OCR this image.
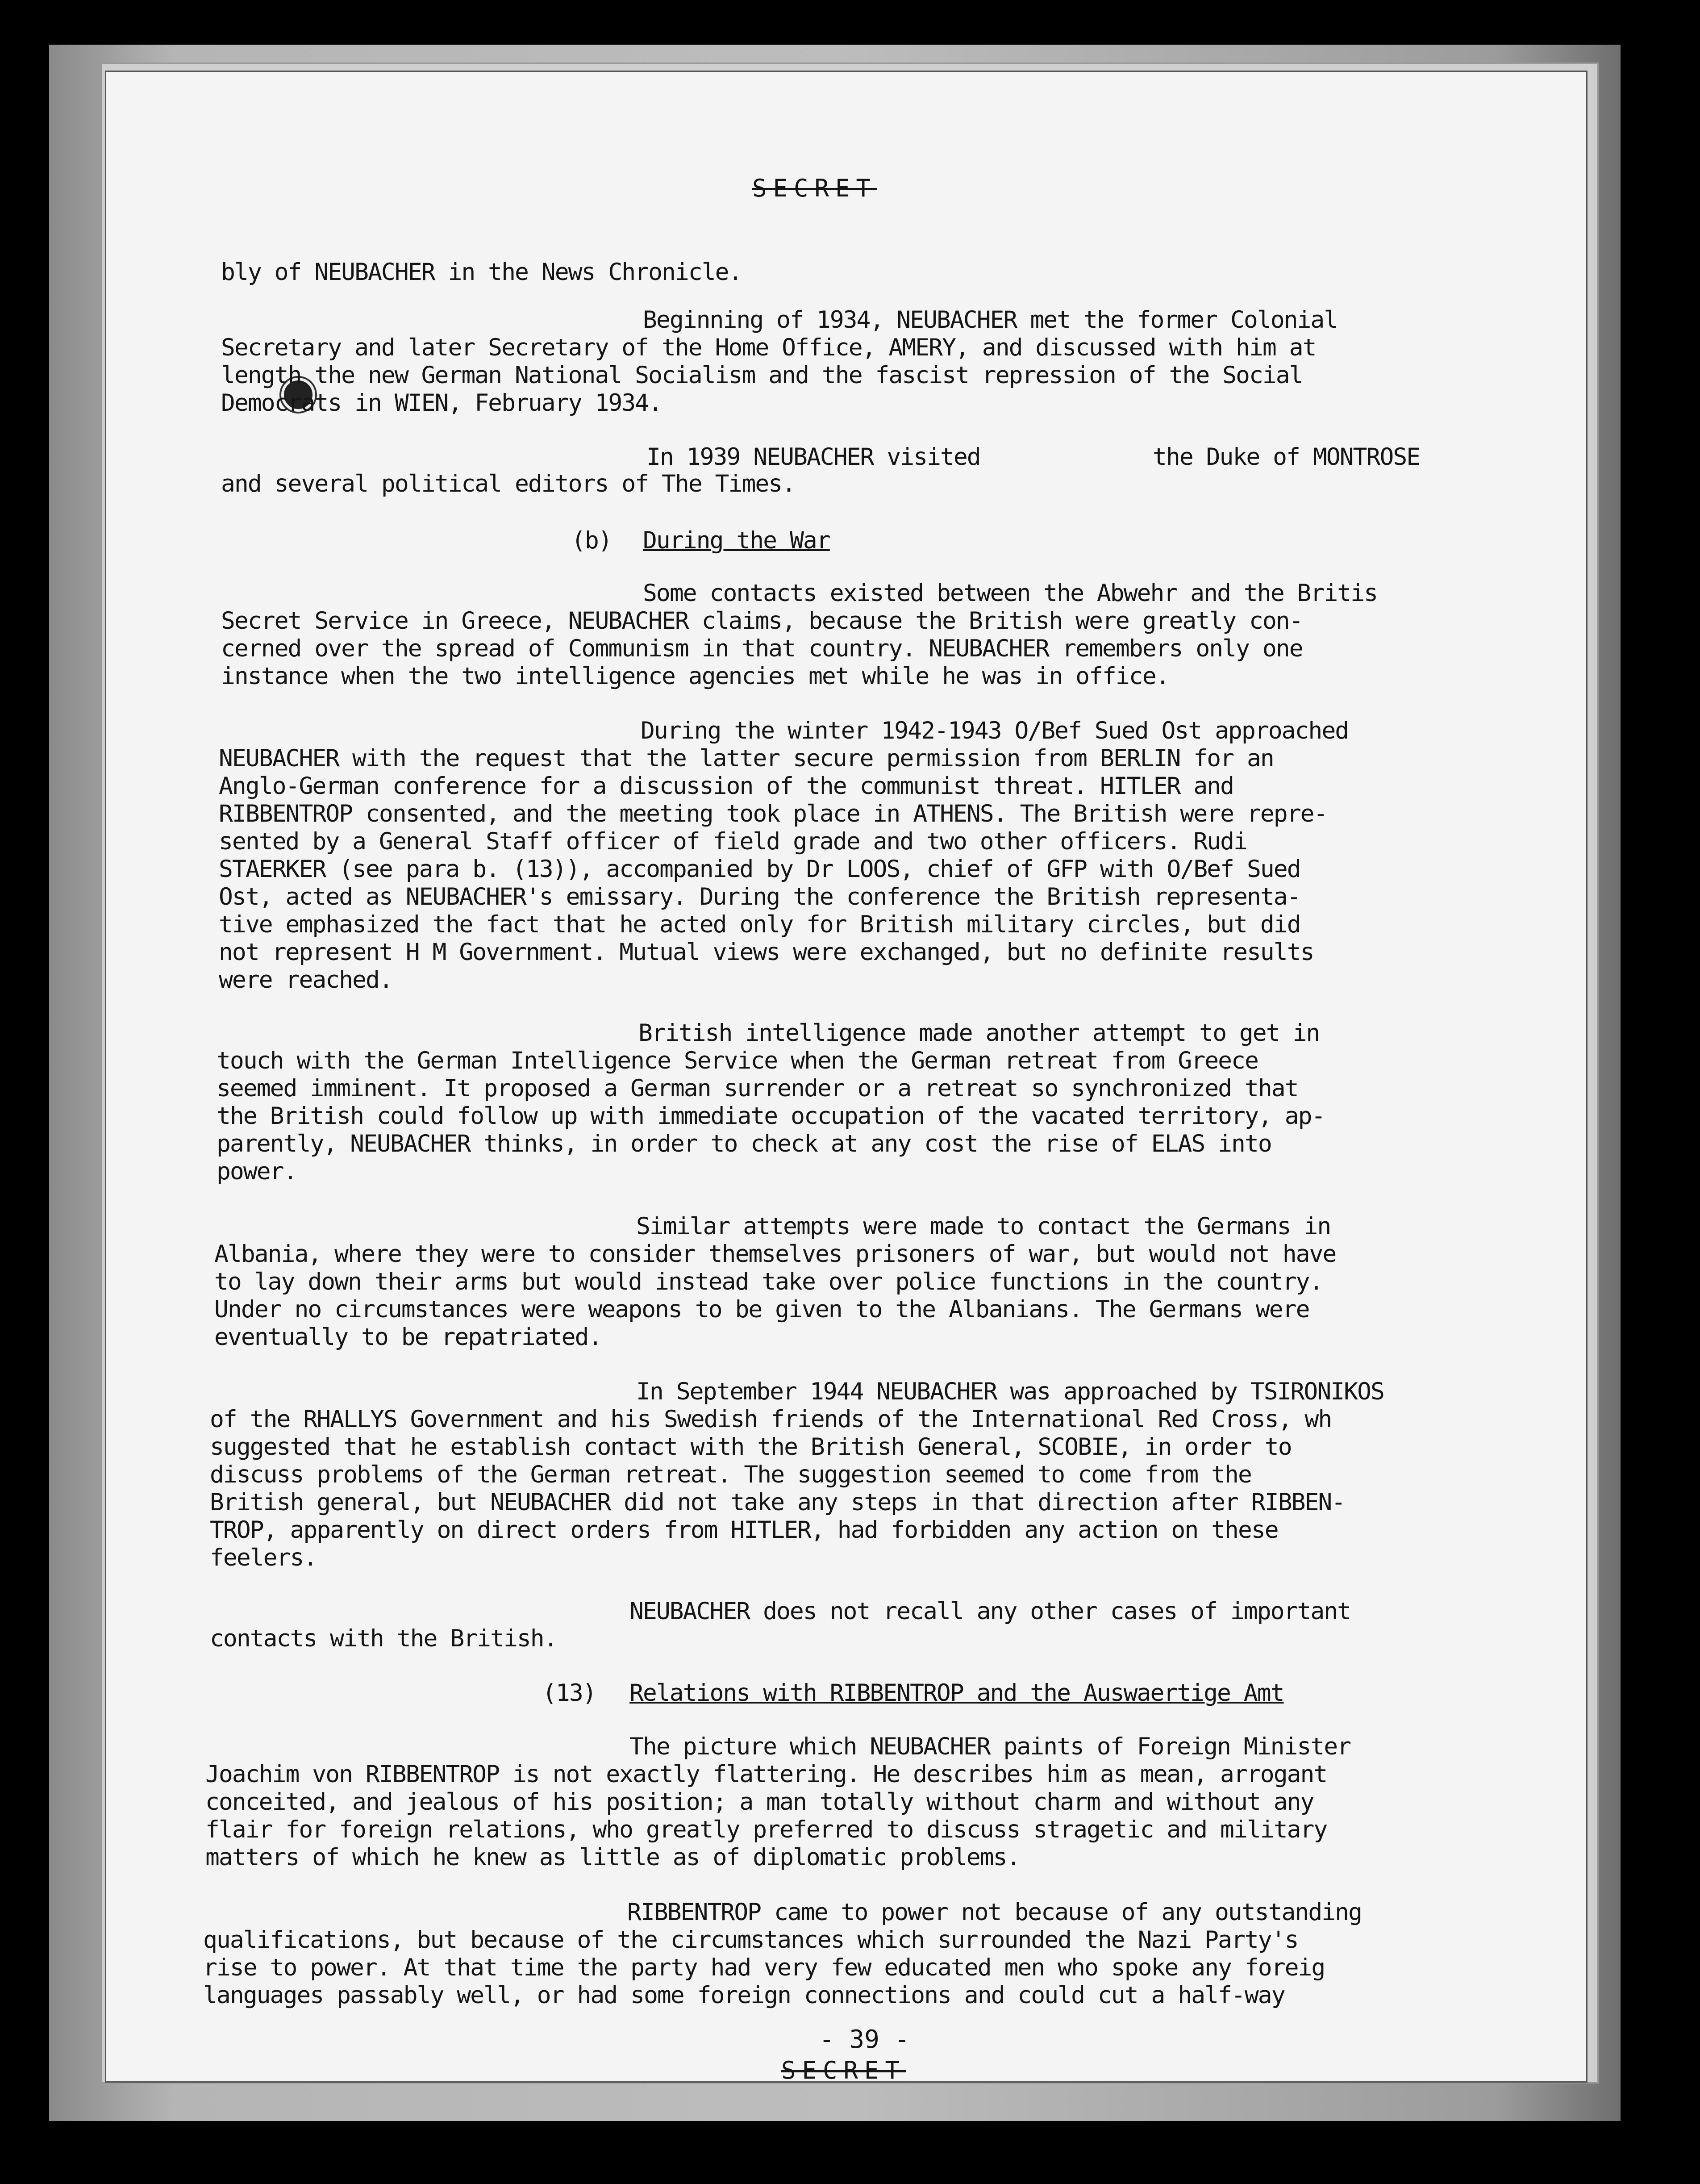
SECRET
bly of NEUBACHER in the News Chronicle.
Beginning of 1934, NEUBACHER met the former Colonial
Secretary and later Secretary of the Home Office, AMERY, and discussed with him at
length the new German National Socialism and the fascist repression of the Social
Democrats in WIEN, February 1934.
In 1939 NEUBACHER visited	the Duke of MONTROSE
and several political editors of The Times.
(b) During the War
Some contacts existed between the Abwehr and the Britis
Secret Service in Greece, NEUBACHER claims, because the British were greatly con-
cerned over the spread of Communism in that country. NEUBACHER remembers only one
instance when the two intelligence agencies met while he was in office.
During the winter 1942-1943 O/Bef Sued Ost approached
NEUBACHER with the request that the latter secure permission from BERLIN for an
Anglo-German conference for a discussion of the communist threat. HITLER and
RIBBENTROP consented, and the meeting took place in ATHENS. The British were repre-
sented by a General Staff officer of field grade and two other officers. Rudi
STAERKER (see para b. (13)), accompanied by Dr LOOS, chief of GFP with O/Bef Sued
Ost, acted as NEUBACHER's emissary. During the conference the British representa-
tive emphasized the fact that he acted only for British military circles, but did
not represent H M Government. Mutual views were exchanged, but no definite results
were reached.
British intelligence made another attempt to get in
touch with the German Intelligence Service when the German retreat from Greece
seemed imminent. It proposed a German surrender or a retreat so synchronized that
the British could follow up with immediate occupation of the vacated territory, ap-
parently, NEUBACHER thinks, in order to check at any cost the rise of ELAS into
power.
Similar attempts were made to contact the Germans in
Albania, where they were to consider themselves prisoners of war, but would not have
to lay down their arms but would instead take over police functions in the country.
Under no circumstances were weapons to be given to the Albanians. The Germans were
eventually to be repatriated.
In September 1944 NEUBACHER was approached by TSIRONIKOS
of the RHALLYS Government and his Swedish friends of the International Red Cross, wh
suggested that he establish contact with the British General, SCOBIE, in order to
discuss problems of the German retreat. The suggestion seemed to come from the
British general, but NEUBACHER did not take any steps in that direction after RIBBEN-
TROP, apparently on direct orders from HITLER, had forbidden any action on these
feelers.
NEUBACHER does not recall any other cases of important
contacts with the British.
(13) Relations with RIBBENTROP and the Auswaertige Amt
The picture which NEUBACHER paints of Foreign Minister
Joachim von RIBBENTROP is not exactly flattering. He describes him as mean, arrogant
conceited, and jealous of his position; a man totally without charm and without any
flair for foreign relations, who greatly preferred to discuss stragetic and military
matters of which he knew as little as of diplomatic problems.
RIBBENTROP came to power not because of any outstanding
qualifications, but because of the circumstances which surrounded the Nazi Party's
rise to power. At that time the party had very few educated men who spoke any foreig
languages passably well, or had some foreign connections and could cut a half-way
- 39 -
SECRET
